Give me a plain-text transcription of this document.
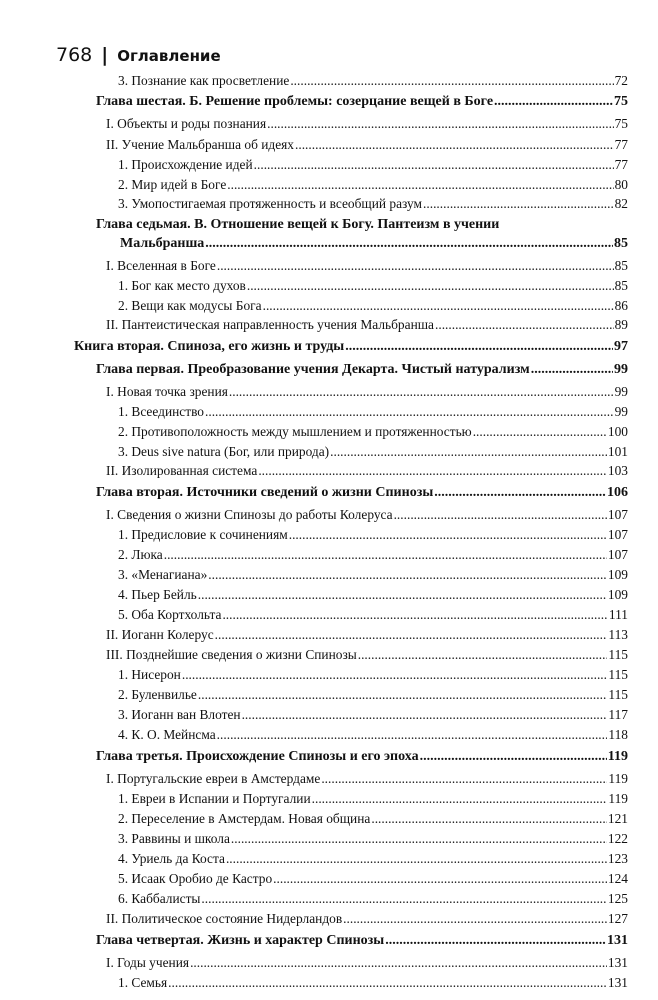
768 | Оглавление
3. Познание как просветление .....	72
Глава шестая. Б. Решение проблемы: созерцание вещей в Боге .....	75
I. Объекты и роды познания .....	75
II. Учение Мальбранша об идеях .....	77
1. Происхождение идей .....	77
2. Мир идей в Боге .....	80
3. Умопостигаемая протяженность и всеобщий разум .....	82
Глава седьмая. В. Отношение вещей к Богу. Пантеизм в учении
Мальбранша .....	85
I. Вселенная в Боге .....	85
1. Бог как место духов .....	85
2. Вещи как модусы Бога .....	86
II. Пантеистическая направленность учения Мальбранша .....	89
Книга вторая. Спиноза, его жизнь и труды .....	97
Глава первая. Преобразование учения Декарта. Чистый натурализм .....	99
I. Новая точка зрения .....	99
1. Всеединство .....	99
2. Противоположность между мышлением и протяженностью .....	100
3. Deus sive natura (Бог, или природа) .....	101
II. Изолированная система .....	103
Глава вторая. Источники сведений о жизни Спинозы .....	106
I. Сведения о жизни Спинозы до работы Колеруса .....	107
1. Предисловие к сочинениям .....	107
2. Люка .....	107
3. «Менагиана» .....	109
4. Пьер Бейль .....	109
5. Оба Кортхольта .....	111
II. Иоганн Колерус .....	113
III. Позднейшие сведения о жизни Спинозы .....	115
1. Нисерон .....	115
2. Буленвилье .....	115
3. Иоганн ван Влотен .....	117
4. К. О. Мейнсма .....	118
Глава третья. Происхождение Спинозы и его эпоха .....	119
I. Португальские евреи в Амстердаме .....	119
1. Евреи в Испании и Португалии .....	119
2. Переселение в Амстердам. Новая община .....	121
3. Раввины и школа .....	122
4. Уриель да Коста .....	123
5. Исаак Оробио де Кастро .....	124
6. Каббалисты .....	125
II. Политическое состояние Нидерландов .....	127
Глава четвертая. Жизнь и характер Спинозы .....	131
I. Годы учения .....	131
1. Семья .....	131
